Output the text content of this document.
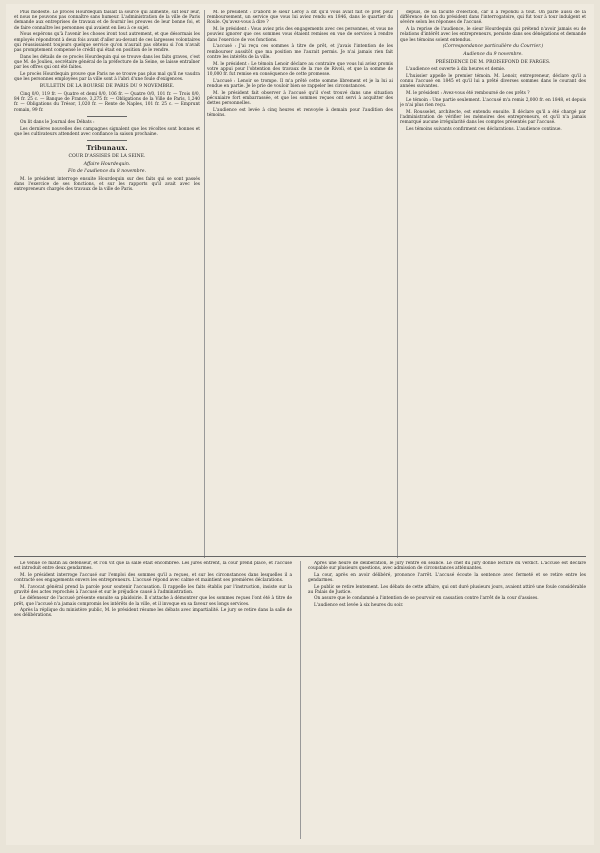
Plus modeste. Le procès Hourdequin faisait la source qui alimente, sut leur leur, et nous ne pouvons pas connaître sans humeur. L'administration de la ville de Paris demande aux entreprises de travaux et de fournir les preuves de leur bonne foi, et de faire connaître les personnes qui avaient en lieu à ce sujet.

Nous espérons qu'à l'avenir les choses iront tout autrement, et que désormais les employés répondront à deux fois avant d'aller au-devant de ces largesses volontaires qui réussissaient toujours quelque service qu'on n'aurait pas obtenu si l'on n'avait pas promptement compensé le crédit qui était en position de le rendre.

Dans les détails de ce procès Hourdequin qui se trouve dans les faits graves, c'est que M. de Joulieu, secrétaire général de la préfecture de la Seine, se laisse entraîner par les offres qui ont été faites.

Le procès Hourdequin prouve que Paris ne se trouve pas plus mal qu'il ne vaudra que les personnes employées par la ville sont à l'abri d'une foule d'exigences.

BULLETIN DE LA BOURSE DE PARIS DU 9 NOVEMBRE.

Cinq 0/0, 119 fr. — Quatre et demi 0/0, 106 fr. — Quatre 0/0, 101 fr. — Trois 0/0, 84 fr. 25 c. — Banque de France, 3,275 fr. — Obligations de la Ville de Paris, 1,240 fr. — Obligations du Trésor, 1,020 fr. — Rente de Naples, 101 fr. 25 c. — Emprunt romain, 99 fr.

On lit dans le Journal des Débats :

Les dernières nouvelles des campagnes signalent que les récoltes sont bonnes et que les cultivateurs attendent avec confiance la saison prochaine.

Tribunaux.
COUR D'ASSISES DE LA SEINE.
Affaire Hourdequin.
Fin de l'audience du 8 novembre.

M. le président interroge ensuite Hourdequin sur des faits qui se sont passés dans l'exercice de ses fonctions, et sur les rapports qu'il avait avec les entrepreneurs chargés des travaux de la ville de Paris.

M. le président : D'abord le sieur Leroy a dit qu'il vous avait fait ce prêt pour remboursement, un service que vous lui aviez rendu en 1846, dans le quartier du Roule. Qu'avez-vous à dire ?

M. le président : Vous aviez pris des engagements avec ces personnes, et vous ne pouviez ignorer que ces sommes vous étaient remises en vue de services à rendre dans l'exercice de vos fonctions.

L'accusé : J'ai reçu ces sommes à titre de prêt, et j'avais l'intention de les rembourser aussitôt que ma position me l'aurait permis. Je n'ai jamais rien fait contre les intérêts de la ville.

M. le président : Le témoin Lenoir déclare au contraire que vous lui aviez promis votre appui pour l'obtention des travaux de la rue de Rivoli, et que la somme de 10,000 fr. fut remise en conséquence de cette promesse.

L'accusé : Lenoir se trompe. Il m'a prêté cette somme librement et je la lui ai rendue en partie. Je le prie de vouloir bien se rappeler les circonstances.

M. le président fait observer à l'accusé qu'il s'est trouvé dans une situation pécuniaire fort embarrassée, et que les sommes reçues ont servi à acquitter des dettes personnelles.

L'audience est levée à cinq heures et renvoyée à demain pour l'audition des témoins.

depuis, de sa faculté d'élection, car il a répondu à tout. On parle aussi de la différence de ton du président dans l'interrogatoire, qui fut tour à tour indulgent et sévère selon les réponses de l'accusé.

A la reprise de l'audience, le sieur Hourdequin qui prétend n'avoir jamais eu de relations d'intérêt avec les entrepreneurs, persiste dans ses dénégations et demande que les témoins soient entendus.

(Correspondance particulière du Courrier.)
Audience du 9 novembre.
PRÉSIDENCE DE M. PROISEFOND DE FARGES.

L'audience est ouverte à dix heures et demie.

L'huissier appelle le premier témoin. M. Lenoir, entrepreneur, déclare qu'il a connu l'accusé en 1845 et qu'il lui a prêté diverses sommes dans le courant des années suivantes.

M. le président : Avez-vous été remboursé de ces prêts ?

Le témoin : Une partie seulement. L'accusé m'a remis 2,000 fr. en 1848, et depuis je n'ai plus rien reçu.

M. Rousselet, architecte, est entendu ensuite. Il déclare qu'il a été chargé par l'administration de vérifier les mémoires des entrepreneurs, et qu'il n'a jamais remarqué aucune irrégularité dans les comptes présentés par l'accusé.

Les témoins suivants confirment ces déclarations. L'audience continue.

Le venue ce matin au défenseur, et l'on vit que la salle était encombrée. Les jurés entrent, la cour prend place, et l'accusé est introduit entre deux gendarmes.

M. le président interroge l'accusé sur l'emploi des sommes qu'il a reçues, et sur les circonstances dans lesquelles il a contracté ses engagements envers les entrepreneurs. L'accusé répond avec calme et maintient ses premières déclarations.

M. l'avocat général prend la parole pour soutenir l'accusation. Il rappelle les faits établis par l'instruction, insiste sur la gravité des actes reprochés à l'accusé et sur le préjudice causé à l'administration.

Le défenseur de l'accusé présente ensuite sa plaidoirie. Il s'attache à démontrer que les sommes reçues l'ont été à titre de prêt, que l'accusé n'a jamais compromis les intérêts de la ville, et il invoque en sa faveur ses longs services.

Après la réplique du ministère public, M. le président résume les débats avec impartialité. Le jury se retire dans la salle de ses délibérations.

Après une heure de délibération, le jury rentre en séance. Le chef du jury donne lecture du verdict. L'accusé est déclaré coupable sur plusieurs questions, avec admission de circonstances atténuantes.

La cour, après en avoir délibéré, prononce l'arrêt. L'accusé écoute la sentence avec fermeté et se retire entre les gendarmes.

Le public se retire lentement. Les débats de cette affaire, qui ont duré plusieurs jours, avaient attiré une foule considérable au Palais de Justice.

On assure que le condamné a l'intention de se pourvoir en cassation contre l'arrêt de la cour d'assises.

L'audience est levée à six heures du soir.
